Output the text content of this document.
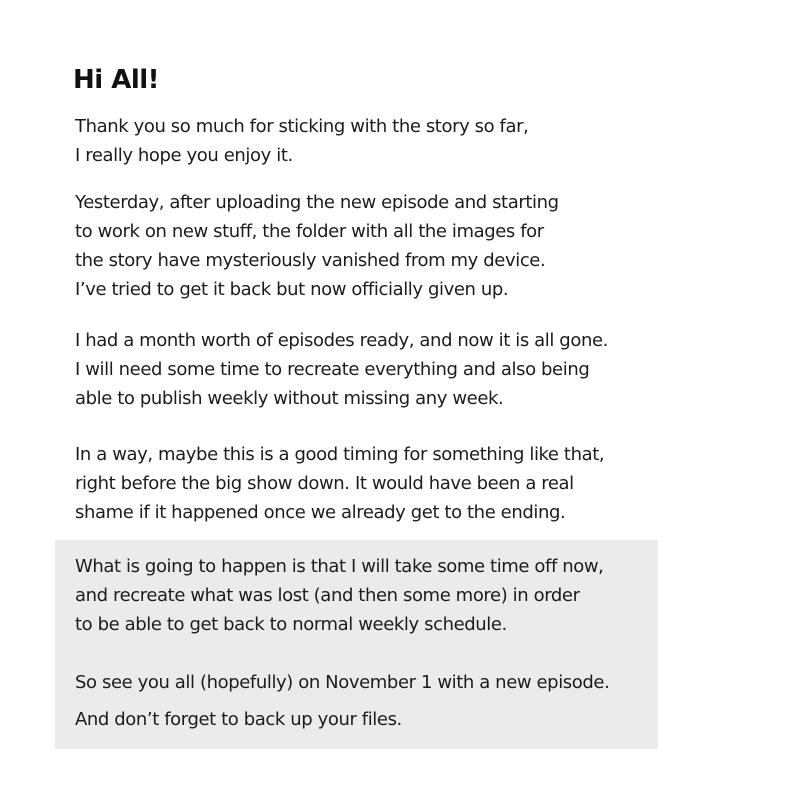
Hi All!

Thank you so much for sticking with the story so far,
I really hope you enjoy it.

Yesterday, after uploading the new episode and starting
to work on new stuff, the folder with all the images for
the story have mysteriously vanished from my device.
I’ve tried to get it back but now officially given up.

I had a month worth of episodes ready, and now it is all gone.
I will need some time to recreate everything and also being
able to publish weekly without missing any week.

In a way, maybe this is a good timing for something like that,
right before the big show down. It would have been a real
shame if it happened once we already get to the ending.

What is going to happen is that I will take some time off now,
and recreate what was lost (and then some more) in order
to be able to get back to normal weekly schedule.

So see you all (hopefully) on November 1 with a new episode.

And don’t forget to back up your files.
